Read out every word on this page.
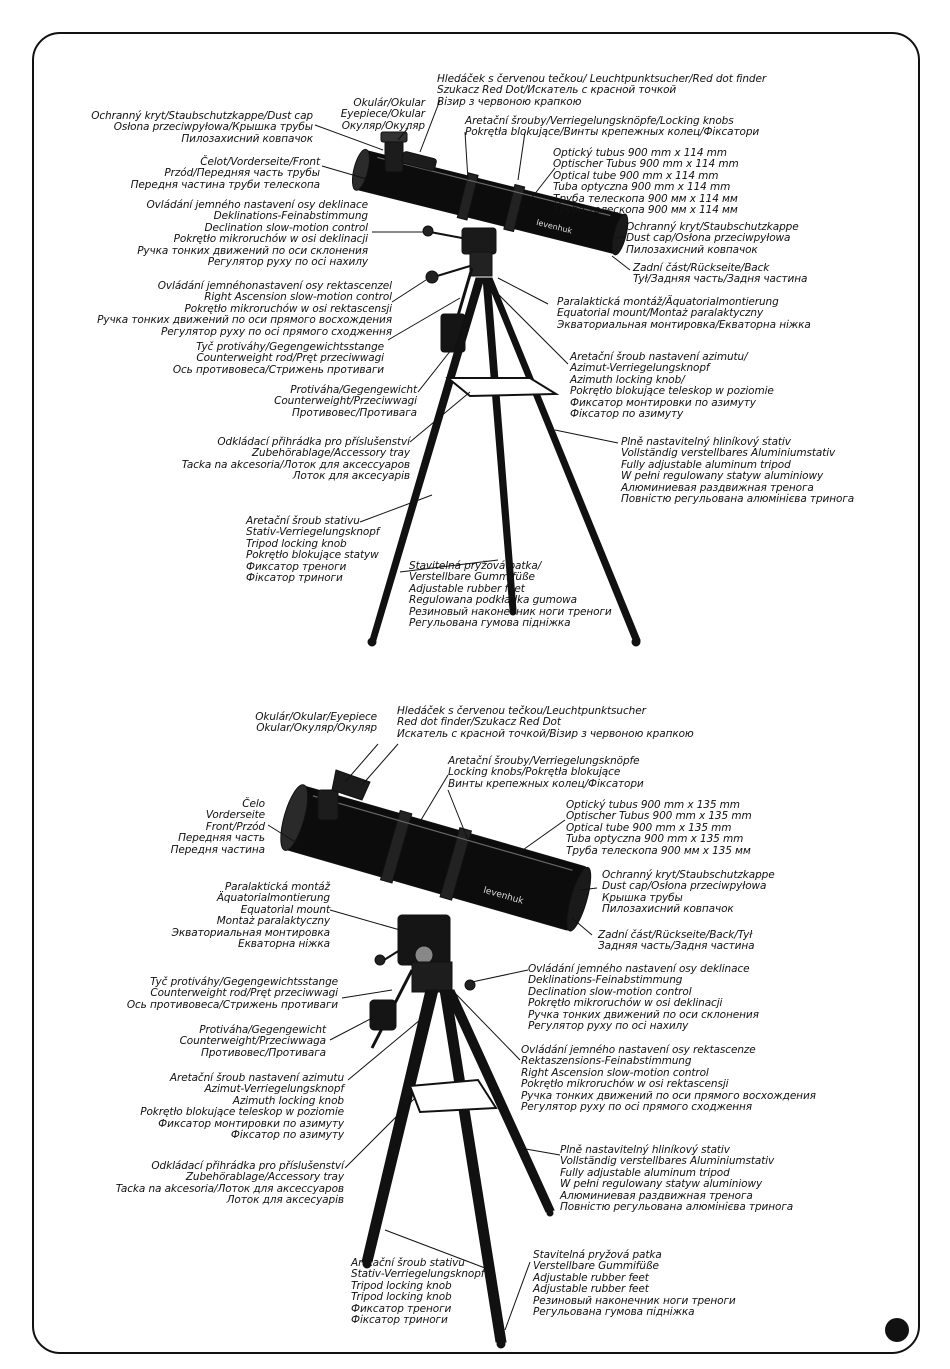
levenhuk
levenhuk
Okulár/Okular
Eyepiece/Okular
Окуляр/Окуляр
Hledáček s červenou tečkou/ Leuchtpunktsucher/Red dot finder
Szukacz Red Dot/Искатель с красной точкой
Візир з червоною крапкою
Ochranný kryt/Staubschutzkappe/Dust cap
Osłona przeciwpyłowa/Крышка трубы
Пилозахисний ковпачок
Aretační šrouby/Verriegelungsknöpfe/Locking knobs
Pokrętła blokujące/Винты крепежных колец/Фіксатори
Čelot/Vorderseite/Front
Przód/Передняя часть трубы
Передня частина труби телескопа
Optický tubus 900 mm x 114 mm
Optischer Tubus 900 mm x 114 mm
Optical tube 900 mm x 114 mm
Tuba optyczna 900 mm x 114 mm
Труба телескопа 900 мм x 114 мм
Труба телескопа 900 мм x 114 мм
Ovládání jemného nastavení osy deklinace
Deklinations-Feinabstimmung
Declination slow-motion control
Pokrętło mikroruchów w osi deklinacji
Ручка тонких движений по оси склонения
Регулятор руху по осі нахилу
Ochranný kryt/Staubschutzkappe
Dust cap/Osłona przeciwpyłowa
Пилозахисний ковпачок
Zadní část/Rückseite/Back
Tył/Задняя часть/Задня частина
Ovládání jemnéhonastavení osy rektascenzel
Right Ascension slow-motion control
Pokrętło mikroruchów w osi rektascensji
Ручка тонких движений по оси прямого восхождения
Регулятор руху по осі прямого сходження
Paralaktická montáž/Äquatorialmontierung
Equatorial mount/Montaż paralaktyczny
Экваториальная монтировка/Екваторна ніжка
Tyč protiváhy/Gegengewichtsstange
Counterweight rod/Pręt przeciwwagi
Ось противовеса/Стрижень противаги
Aretační šroub nastavení azimutu/
Azimut-Verriegelungsknopf
Azimuth locking knob/
Pokrętło blokujące teleskop w poziomie
Фиксатор монтировки по азимуту
Фіксатор по азимуту
Protiváha/Gegengewicht
Counterweight/Przeciwwagi
Противовес/Противага
Odkládací přihrádka pro příslušenství
Zubehörablage/Accessory tray
Tacka na akcesoria/Лоток для аксессуаров
Лоток для аксесуарів
Plně nastavitelný hliníkový stativ
Vollständig verstellbares Aluminiumstativ
Fully adjustable aluminum tripod
W pełni regulowany statyw aluminiowy
Алюминиевая раздвижная тренога
Повністю регульована алюмінієва тринога
Aretační šroub stativu
Stativ-Verriegelungsknopf
Tripod locking knob
Pokrętło blokujące statyw
Фиксатор треноги
Фіксатор триноги
Stavitelná pryžová patka/
Verstellbare Gummifüße
Adjustable rubber feet
Regulowana podkładka gumowa
Резиновый наконечник ноги треноги
Регульована гумова підніжка
Okulár/Okular/Eyepiece
Okular/Окуляр/Окуляр
Hledáček s červenou tečkou/Leuchtpunktsucher
Red dot finder/Szukacz Red Dot
Искатель с красной точкой/Візир з червоною крапкою
Aretační šrouby/Verriegelungsknöpfe
Locking knobs/Pokrętła blokujące
Винты крепежных колец/Фіксатори
Čelo
Vorderseite
Front/Przód
Передняя часть
Передня частина
Optický tubus 900 mm x 135 mm
Optischer Tubus 900 mm x 135 mm
Optical tube 900 mm x 135 mm
Tuba optyczna 900 mm x 135 mm
Труба телескопа 900 мм x 135 мм
Ochranný kryt/Staubschutzkappe
Dust cap/Osłona przeciwpyłowa
Крышка трубы
Пилозахисний ковпачок
Paralaktická montáž
Äquatorialmontierung
Equatorial mount
Montaż paralaktyczny
Экваториальная монтировка
Екваторна ніжка
Zadní část/Rückseite/Back/Tył
Задняя часть/Задня частина
Ovládání jemného nastavení osy deklinace
Deklinations-Feinabstimmung
Declination slow-motion control
Pokrętło mikroruchów w osi deklinacji
Ручка тонких движений по оси склонения
Регулятор руху по осі нахилу
Tyč protiváhy/Gegengewichtsstange
Counterweight rod/Pręt przeciwwagi
Ось противовеса/Стрижень противаги
Protiváha/Gegengewicht
Counterweight/Przeciwwaga
Противовес/Противага	Ovládání jemného nastavení osy rektascenze
Rektaszensions-Feinabstimmung
Right Ascension slow-motion control
Pokrętło mikroruchów w osi rektascensji
Ручка тонких движений по оси прямого восхождения
Регулятор руху по осі прямого сходження
Aretační šroub nastavení azimutu
Azimut-Verriegelungsknopf
Azimuth locking knob
Pokrętło blokujące teleskop w poziomie
Фиксатор монтировки по азимуту
Фіксатор по азимуту
Plně nastavitelný hliníkový stativ
Vollständig verstellbares Aluminiumstativ
Fully adjustable aluminum tripod
W pełni regulowany statyw aluminiowy
Алюминиевая раздвижная тренога
Повністю регульована алюмінієва тринога
Odkládací přihrádka pro příslušenství
Zubehörablage/Accessory tray
Tacka na akcesoria/Лоток для аксессуаров
Лоток для аксесуарів
Aretační šroub stativu
Stativ-Verriegelungsknopf
Tripod locking knob
Tripod locking knob
Фиксатор треноги
Фіксатор триноги
Stavitelná pryžová patka
Verstellbare Gummifüße
Adjustable rubber feet
Adjustable rubber feet
Резиновый наконечник ноги треноги
Регульована гумова підніжка
